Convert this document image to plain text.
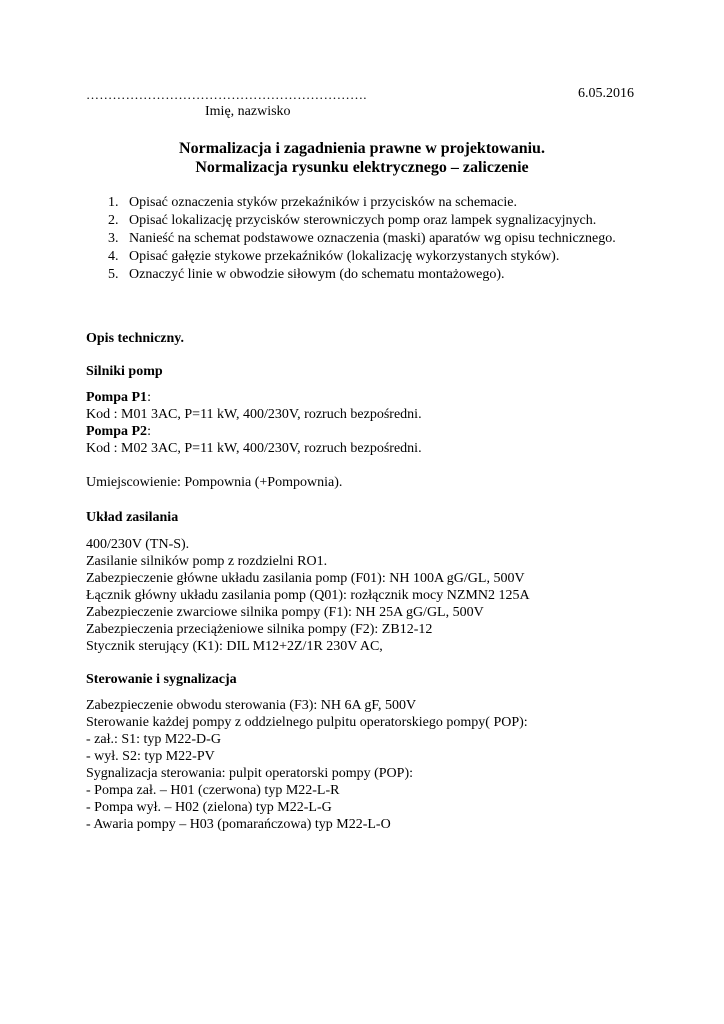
……………………………………………………….	6.05.2016
Imię, nazwisko
Normalizacja i zagadnienia prawne w projektowaniu.
Normalizacja rysunku elektrycznego – zaliczenie
1. Opisać oznaczenia styków przekaźników i przycisków na schemacie.
2. Opisać lokalizację przycisków sterowniczych pomp oraz lampek sygnalizacyjnych.
3. Nanieść na schemat podstawowe oznaczenia (maski) aparatów wg opisu technicznego.
4. Opisać gałęzie stykowe przekaźników (lokalizację wykorzystanych styków).
5. Oznaczyć linie w obwodzie siłowym (do schematu montażowego).
Opis techniczny.
Silniki pomp
Pompa P1:
Kod : M01 3AC, P=11 kW, 400/230V, rozruch bezpośredni.
Pompa P2:
Kod : M02 3AC, P=11 kW, 400/230V, rozruch bezpośredni.
Umiejscowienie: Pompownia (+Pompownia).
Układ zasilania
400/230V (TN-S).
Zasilanie silników pomp z rozdzielni RO1.
Zabezpieczenie główne układu zasilania pomp (F01): NH 100A gG/GL, 500V
Łącznik główny układu zasilania pomp (Q01): rozłącznik mocy NZMN2 125A
Zabezpieczenie zwarciowe silnika pompy (F1): NH 25A gG/GL, 500V
Zabezpieczenia przeciążeniowe silnika pompy (F2): ZB12-12
Stycznik sterujący (K1): DIL M12+2Z/1R 230V AC,
Sterowanie i sygnalizacja
Zabezpieczenie obwodu sterowania (F3): NH 6A gF, 500V
Sterowanie każdej pompy z oddzielnego pulpitu operatorskiego pompy( POP):
- zał.: S1: typ M22-D-G
- wył. S2: typ M22-PV
Sygnalizacja sterowania: pulpit operatorski pompy (POP):
- Pompa zał. – H01 (czerwona) typ M22-L-R
- Pompa wył. – H02 (zielona) typ M22-L-G
- Awaria pompy – H03 (pomarańczowa) typ M22-L-O
